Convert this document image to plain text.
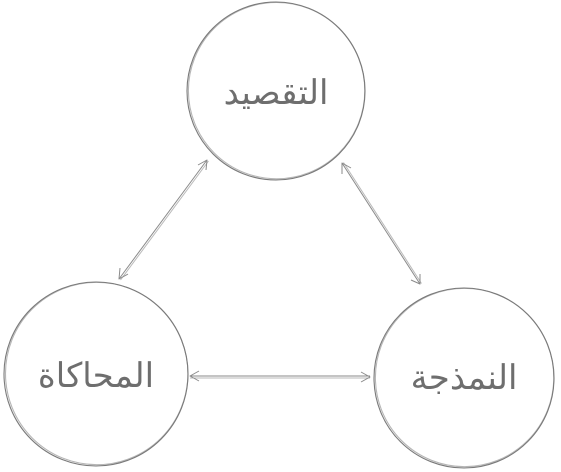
التقصيد
المحاكاة	النمذجة
